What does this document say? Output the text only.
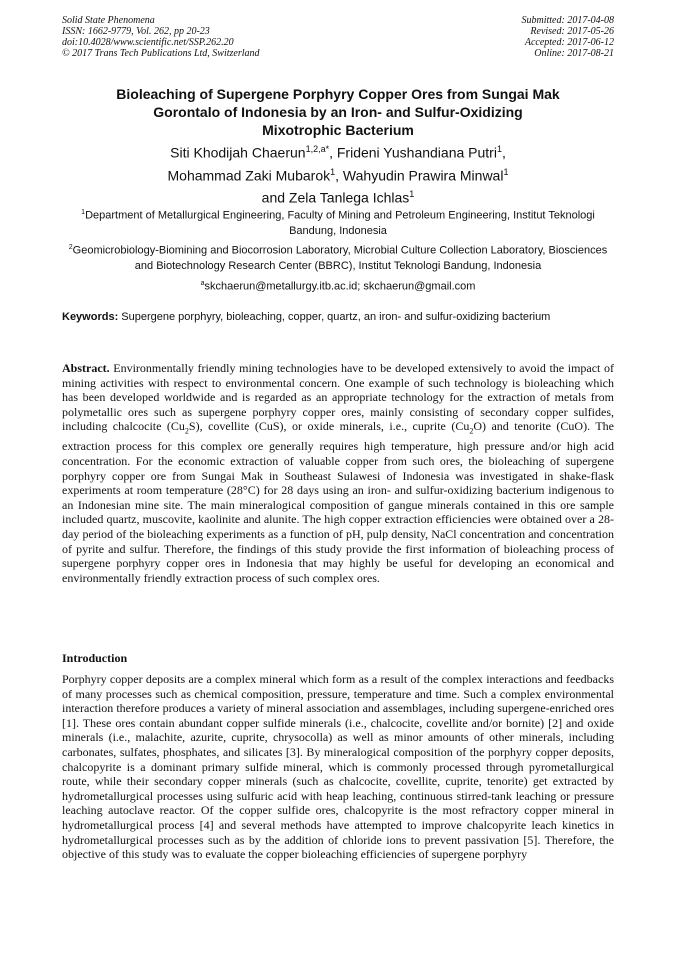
Solid State Phenomena
ISSN: 1662-9779, Vol. 262, pp 20-23
doi:10.4028/www.scientific.net/SSP.262.20
© 2017 Trans Tech Publications Ltd, Switzerland
Submitted: 2017-04-08
Revised: 2017-05-26
Accepted: 2017-06-12
Online: 2017-08-21
Bioleaching of Supergene Porphyry Copper Ores from Sungai Mak
Gorontalo of Indonesia by an Iron- and Sulfur-Oxidizing
Mixotrophic Bacterium
Siti Khodijah Chaerun$^{1,2,a*}$, Frideni Yushandiana Putri$^1$,
Mohammad Zaki Mubarok$^1$, Wahyudin Prawira Minwal$^1$
and Zela Tanlega Ichlas$^1$
$^1$Department of Metallurgical Engineering, Faculty of Mining and Petroleum Engineering, Institut Teknologi Bandung, Indonesia
$^2$Geomicrobiology-Biomining and Biocorrosion Laboratory, Microbial Culture Collection Laboratory, Biosciences and Biotechnology Research Center (BBRC), Institut Teknologi Bandung, Indonesia
$^a$skchaerun@metallurgy.itb.ac.id; skchaerun@gmail.com
Keywords: Supergene porphyry, bioleaching, copper, quartz, an iron- and sulfur-oxidizing bacterium
Abstract. Environmentally friendly mining technologies have to be developed extensively to avoid the impact of mining activities with respect to environmental concern. One example of such technology is bioleaching which has been developed worldwide and is regarded as an appropriate technology for the extraction of metals from polymetallic ores such as supergene porphyry copper ores, mainly consisting of secondary copper sulfides, including chalcocite $(Cu_2S)$, covellite (CuS), or oxide minerals, i.e., cuprite $(Cu_2O)$ and tenorite (CuO). The extraction process for this complex ore generally requires high temperature, high pressure and/or high acid concentration. For the economic extraction of valuable copper from such ores, the bioleaching of supergene porphyry copper ore from Sungai Mak in Southeast Sulawesi of Indonesia was investigated in shake-flask experiments at room temperature (28°C) for 28 days using an iron- and sulfur-oxidizing bacterium indigenous to an Indonesian mine site. The main mineralogical composition of gangue minerals contained in this ore sample included quartz, muscovite, kaolinite and alunite. The high copper extraction efficiencies were obtained over a 28-day period of the bioleaching experiments as a function of pH, pulp density, NaCl concentration and concentration of pyrite and sulfur. Therefore, the findings of this study provide the first information of bioleaching process of supergene porphyry copper ores in Indonesia that may highly be useful for developing an economical and environmentally friendly extraction process of such complex ores.
Introduction
Porphyry copper deposits are a complex mineral which form as a result of the complex interactions and feedbacks of many processes such as chemical composition, pressure, temperature and time. Such a complex environmental interaction therefore produces a variety of mineral association and assemblages, including supergene-enriched ores [1]. These ores contain abundant copper sulfide minerals (i.e., chalcocite, covellite and/or bornite) [2] and oxide minerals (i.e., malachite, azurite, cuprite, chrysocolla) as well as minor amounts of other minerals, including carbonates, sulfates, phosphates, and silicates [3]. By mineralogical composition of the porphyry copper deposits, chalcopyrite is a dominant primary sulfide mineral, which is commonly processed through pyrometallurgical route, while their secondary copper minerals (such as chalcocite, covellite, cuprite, tenorite) get extracted by hydrometallurgical processes using sulfuric acid with heap leaching, continuous stirred-tank leaching or pressure leaching autoclave reactor. Of the copper sulfide ores, chalcopyrite is the most refractory copper mineral in hydrometallurgical process [4] and several methods have attempted to improve chalcopyrite leach kinetics in hydrometallurgical processes such as by the addition of chloride ions to prevent passivation [5]. Therefore, the objective of this study was to evaluate the copper bioleaching efficiencies of supergene porphyry
